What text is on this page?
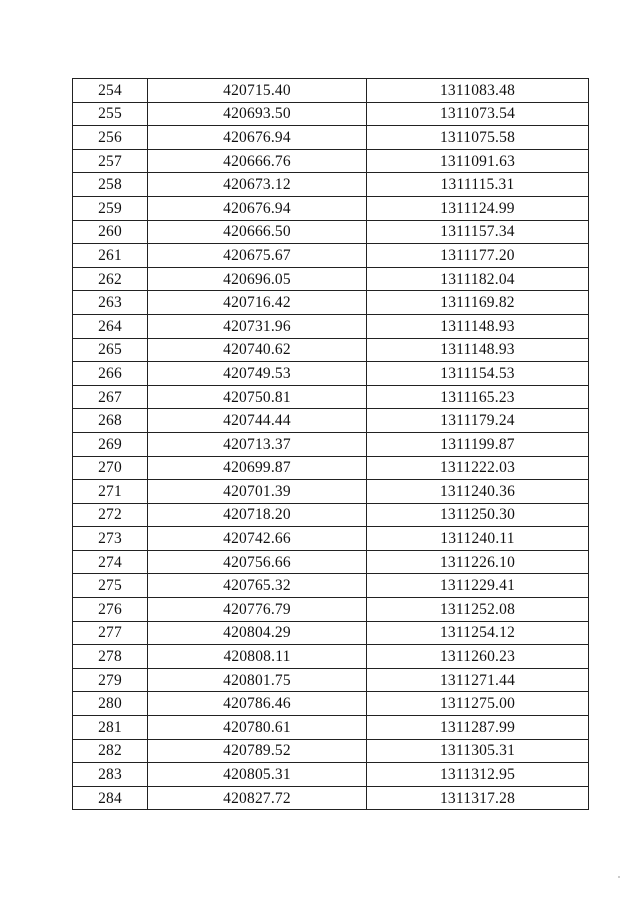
254	420715.40	1311083.48
255	420693.50	1311073.54
256	420676.94	1311075.58
257	420666.76	1311091.63
258	420673.12	1311115.31
259	420676.94	1311124.99
260	420666.50	1311157.34
261	420675.67	1311177.20
262	420696.05	1311182.04
263	420716.42	1311169.82
264	420731.96	1311148.93
265	420740.62	1311148.93
266	420749.53	1311154.53
267	420750.81	1311165.23
268	420744.44	1311179.24
269	420713.37	1311199.87
270	420699.87	1311222.03
271	420701.39	1311240.36
272	420718.20	1311250.30
273	420742.66	1311240.11
274	420756.66	1311226.10
275	420765.32	1311229.41
276	420776.79	1311252.08
277	420804.29	1311254.12
278	420808.11	1311260.23
279	420801.75	1311271.44
280	420786.46	1311275.00
281	420780.61	1311287.99
282	420789.52	1311305.31
283	420805.31	1311312.95
284	420827.72	1311317.28
